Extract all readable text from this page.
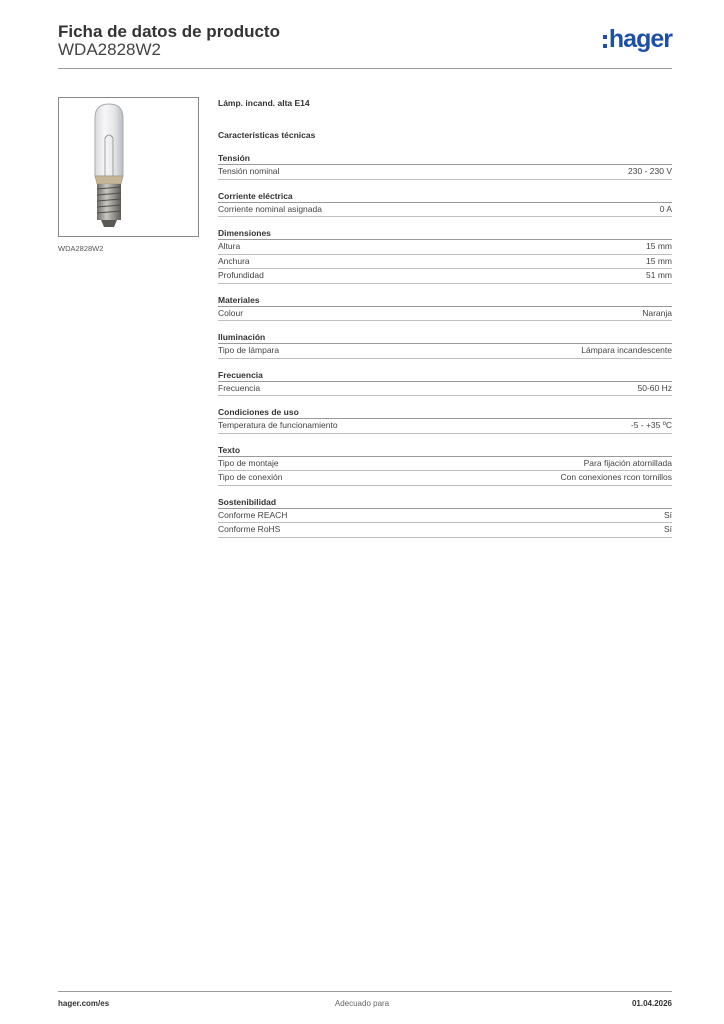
Ficha de datos de producto
WDA2828W2	hager
WDA2828W2
Lámp. incand. alta E14
Características técnicas
Tensión
Tensión nominal	230 - 230 V
Corriente eléctrica
Corriente nominal asignada	0 A
Dimensiones
Altura	15 mm
Anchura	15 mm
Profundidad	51 mm
Materiales
Colour	Naranja
Iluminación
Tipo de lámpara	Lámpara incandescente
Frecuencia
Frecuencia	50-60 Hz
Condiciones de uso
Temperatura de funcionamiento	-5 - +35 ºC
Texto
Tipo de montaje	Para fijación atornillada
Tipo de conexión	Con conexiones rcon tornillos
Sostenibilidad
Conforme REACH	Sí
Conforme RoHS	Sí
hager.com/es	Adecuado para	01.04.2026
